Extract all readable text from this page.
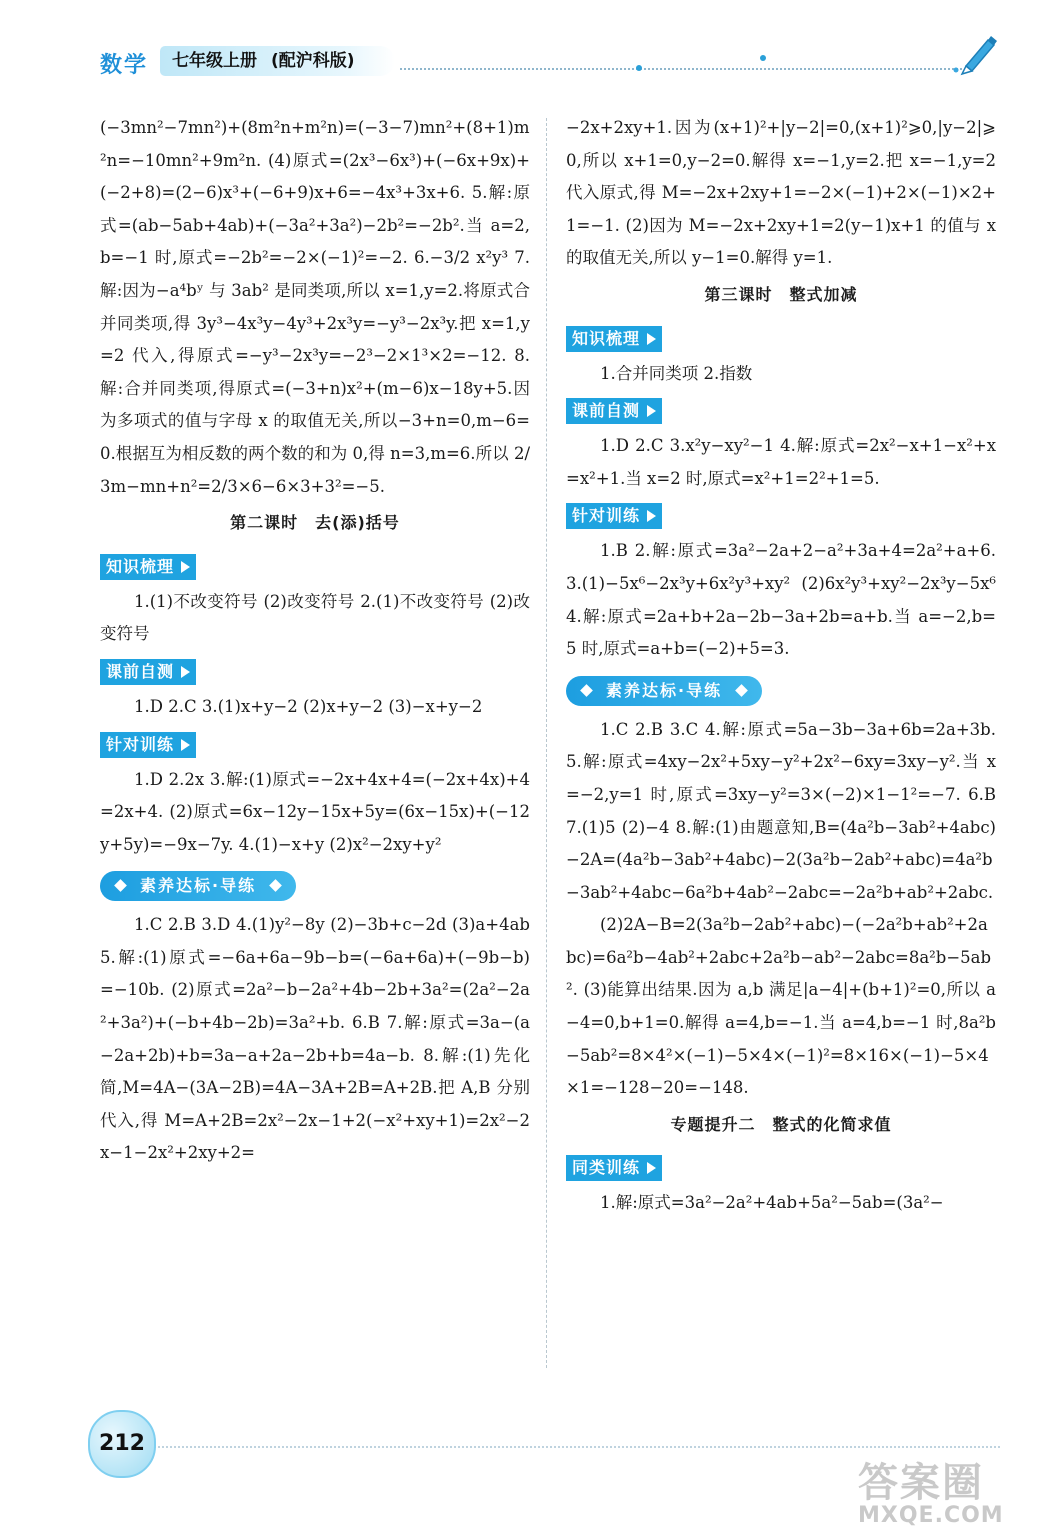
数学	七年级上册 (配沪科版)

(−3mn²−7mn²)+(8m²n+m²n)=(−3−7)mn²+(8+1)m²n=−10mn²+9m²n. (4)原式=(2x³−6x³)+(−6x+9x)+(−2+8)=(2−6)x³+(−6+9)x+6=−4x³+3x+6. 5.解:原式=(ab−5ab+4ab)+(−3a²+3a²)−2b²=−2b².当 a=2,b=−1 时,原式=−2b²=−2×(−1)²=−2. 6.−3/2 x²y³ 7.解:因为−a⁴bʸ 与 3ab² 是同类项,所以 x=1,y=2.将原式合并同类项,得 3y³−4x³y−4y³+2x³y=−y³−2x³y.把 x=1,y=2 代入,得原式=−y³−2x³y=−2³−2×1³×2=−12. 8.解:合并同类项,得原式=(−3+n)x²+(m−6)x−18y+5.因为多项式的值与字母 x 的取值无关,所以−3+n=0,m−6=0.根据互为相反数的两个数的和为 0,得 n=3,m=6.所以 2/3m−mn+n²=2/3×6−6×3+3²=−5.

第二课时　去(添)括号
知识梳理

1.(1)不改变符号 (2)改变符号 2.(1)不改变符号 (2)改变符号

课前自测

1.D 2.C 3.(1)x+y−2 (2)x+y−2 (3)−x+y−2

针对训练

1.D 2.2x 3.解:(1)原式=−2x+4x+4=(−2x+4x)+4=2x+4. (2)原式=6x−12y−15x+5y=(6x−15x)+(−12y+5y)=−9x−7y. 4.(1)−x+y (2)x²−2xy+y²

素养达标·导练

1.C 2.B 3.D 4.(1)y²−8y (2)−3b+c−2d (3)a+4ab 5.解:(1)原式=−6a+6a−9b−b=(−6a+6a)+(−9b−b)=−10b. (2)原式=2a²−b−2a²+4b−2b+3a²=(2a²−2a²+3a²)+(−b+4b−2b)=3a²+b. 6.B 7.解:原式=3a−(a−2a+2b)+b=3a−a+2a−2b+b=4a−b. 8.解:(1)先化简,M=4A−(3A−2B)=4A−3A+2B=A+2B.把 A,B 分别代入,得 M=A+2B=2x²−2x−1+2(−x²+xy+1)=2x²−2x−1−2x²+2xy+2=

−2x+2xy+1.因为(x+1)²+|y−2|=0,(x+1)²⩾0,|y−2|⩾0,所以 x+1=0,y−2=0.解得 x=−1,y=2.把 x=−1,y=2 代入原式,得 M=−2x+2xy+1=−2×(−1)+2×(−1)×2+1=−1. (2)因为 M=−2x+2xy+1=2(y−1)x+1 的值与 x 的取值无关,所以 y−1=0.解得 y=1.

第三课时　整式加减
知识梳理

1.合并同类项 2.指数

课前自测

1.D 2.C 3.x²y−xy²−1 4.解:原式=2x²−x+1−x²+x=x²+1.当 x=2 时,原式=x²+1=2²+1=5.

针对训练

1.B 2.解:原式=3a²−2a+2−a²+3a+4=2a²+a+6. 3.(1)−5x⁶−2x³y+6x²y³+xy² (2)6x²y³+xy²−2x³y−5x⁶ 4.解:原式=2a+b+2a−2b−3a+2b=a+b.当 a=−2,b=5 时,原式=a+b=(−2)+5=3.

素养达标·导练

1.C 2.B 3.C 4.解:原式=5a−3b−3a+6b=2a+3b. 5.解:原式=4xy−2x²+5xy−y²+2x²−6xy=3xy−y².当 x=−2,y=1 时,原式=3xy−y²=3×(−2)×1−1²=−7. 6.B 7.(1)5 (2)−4 8.解:(1)由题意知,B=(4a²b−3ab²+4abc)−2A=(4a²b−3ab²+4abc)−2(3a²b−2ab²+abc)=4a²b−3ab²+4abc−6a²b+4ab²−2abc=−2a²b+ab²+2abc.

(2)2A−B=2(3a²b−2ab²+abc)−(−2a²b+ab²+2abc)=6a²b−4ab²+2abc+2a²b−ab²−2abc=8a²b−5ab². (3)能算出结果.因为 a,b 满足|a−4|+(b+1)²=0,所以 a−4=0,b+1=0.解得 a=4,b=−1.当 a=4,b=−1 时,8a²b−5ab²=8×4²×(−1)−5×4×(−1)²=8×16×(−1)−5×4×1=−128−20=−148.

专题提升二　整式的化简求值
同类训练

1.解:原式=3a²−2a²+4ab+5a²−5ab=(3a²−

212
答案圈
MXQE.COM
